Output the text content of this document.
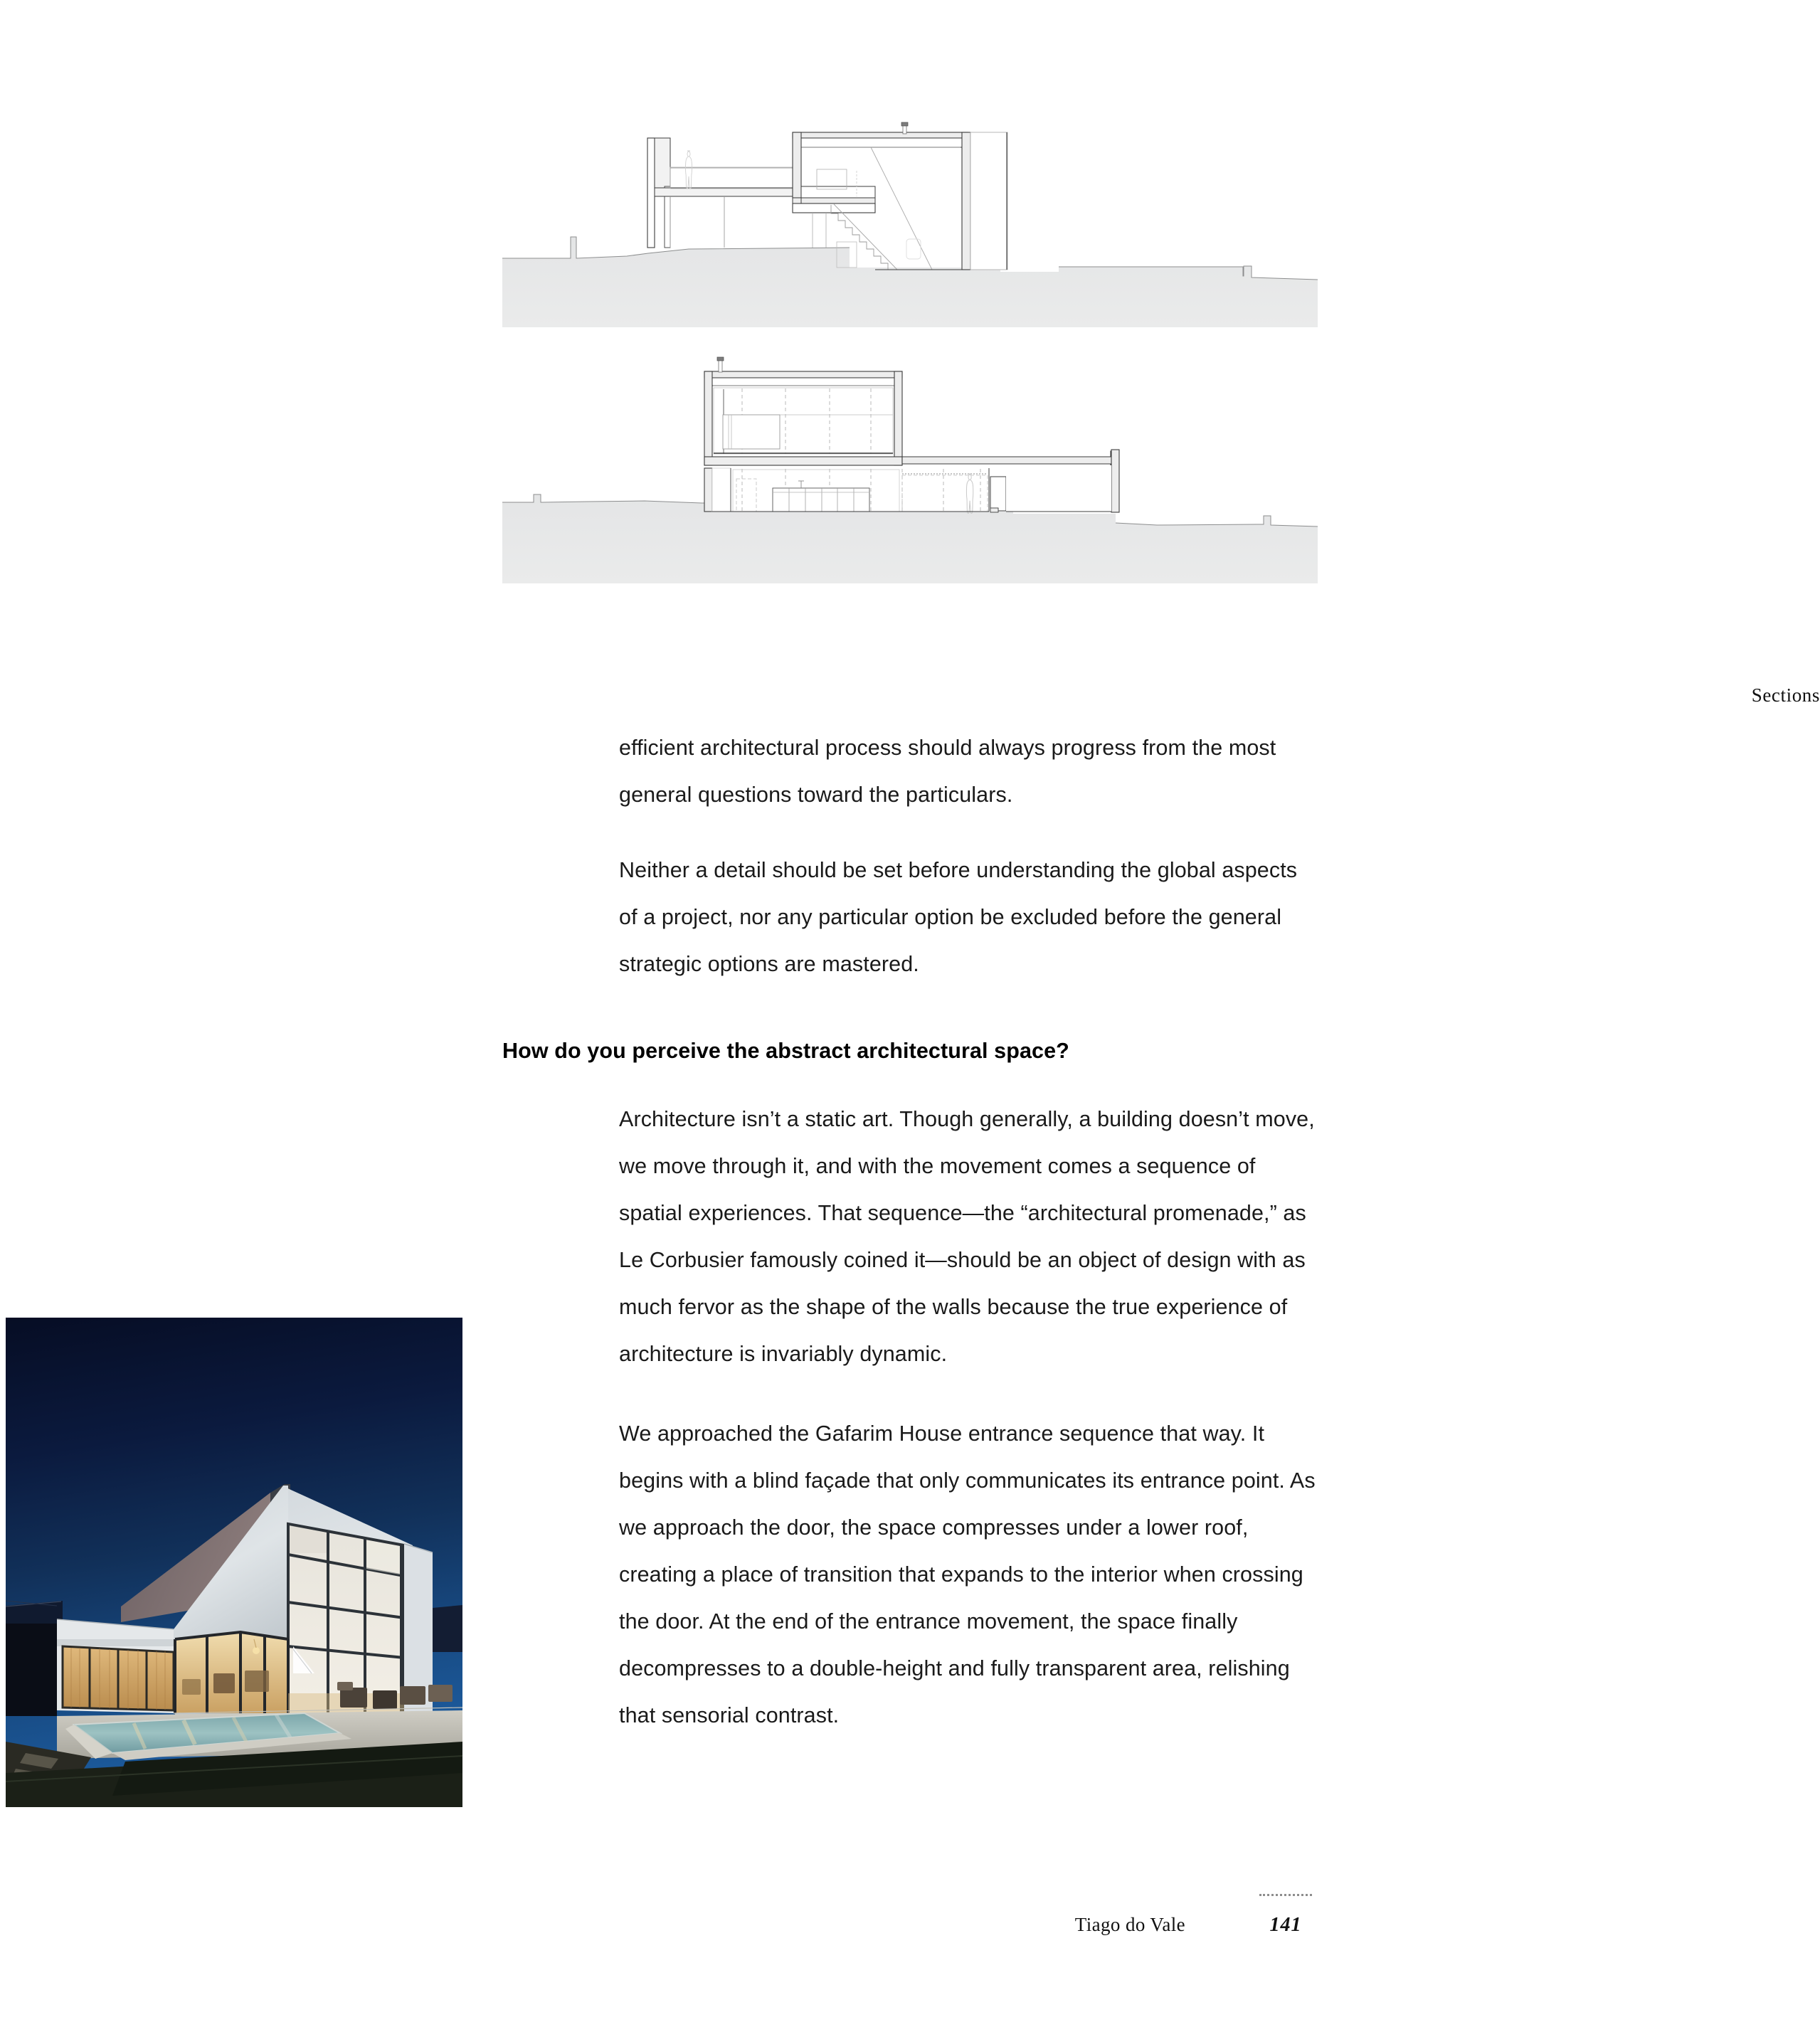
Sections

efficient architectural process should always progress from the most general questions toward the particulars.

Neither a detail should be set before understanding the global aspects of a project, nor any particular option be excluded before the general strategic options are mastered.

How do you perceive the abstract architectural space?

Architecture isn’t a static art. Though generally, a building doesn’t move, we move through it, and with the movement comes a sequence of spatial experiences. That sequence—the “architectural promenade,” as Le Corbusier famously coined it—should be an object of design with as much fervor as the shape of the walls because the true experience of architecture is invariably dynamic.

We approached the Gafarim House entrance sequence that way. It begins with a blind façade that only communicates its entrance point. As we approach the door, the space compresses under a lower roof, creating a place of transition that expands to the interior when crossing the door. At the end of the entrance movement, the space finally decompresses to a double-height and fully transparent area, relishing that sensorial contrast.

Tiago do Vale	141
